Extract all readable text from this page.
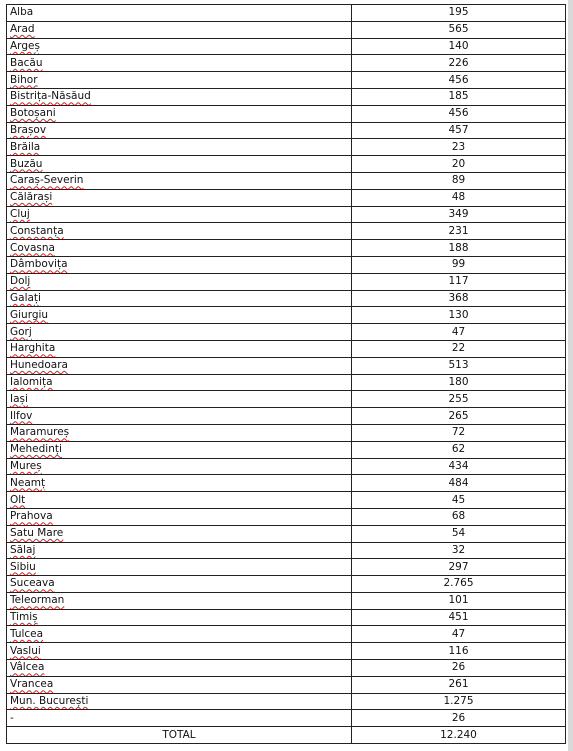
Alba	195
Arad	565
Argeș	140
Bacău	226
Bihor	456
Bistrița-Năsăud	185
Botoșani	456
Brașov	457
Brăila	23
Buzău	20
Caraș-Severin	89
Călărași	48
Cluj	349
Constanța	231
Covasna	188
Dâmbovița	99
Dolj	117
Galați	368
Giurgiu	130
Gorj	47
Harghita	22
Hunedoara	513
Ialomița	180
Iași	255
Ilfov	265
Maramureș	72
Mehedinți	62
Mureș	434
Neamț	484
Olt	45
Prahova	68
Satu Mare	54
Sălaj	32
Sibiu	297
Suceava	2.765
Teleorman	101
Timiș	451
Tulcea	47
Vaslui	116
Vâlcea	26
Vrancea	261
Mun. București	1.275
-	26
TOTAL	12.240
